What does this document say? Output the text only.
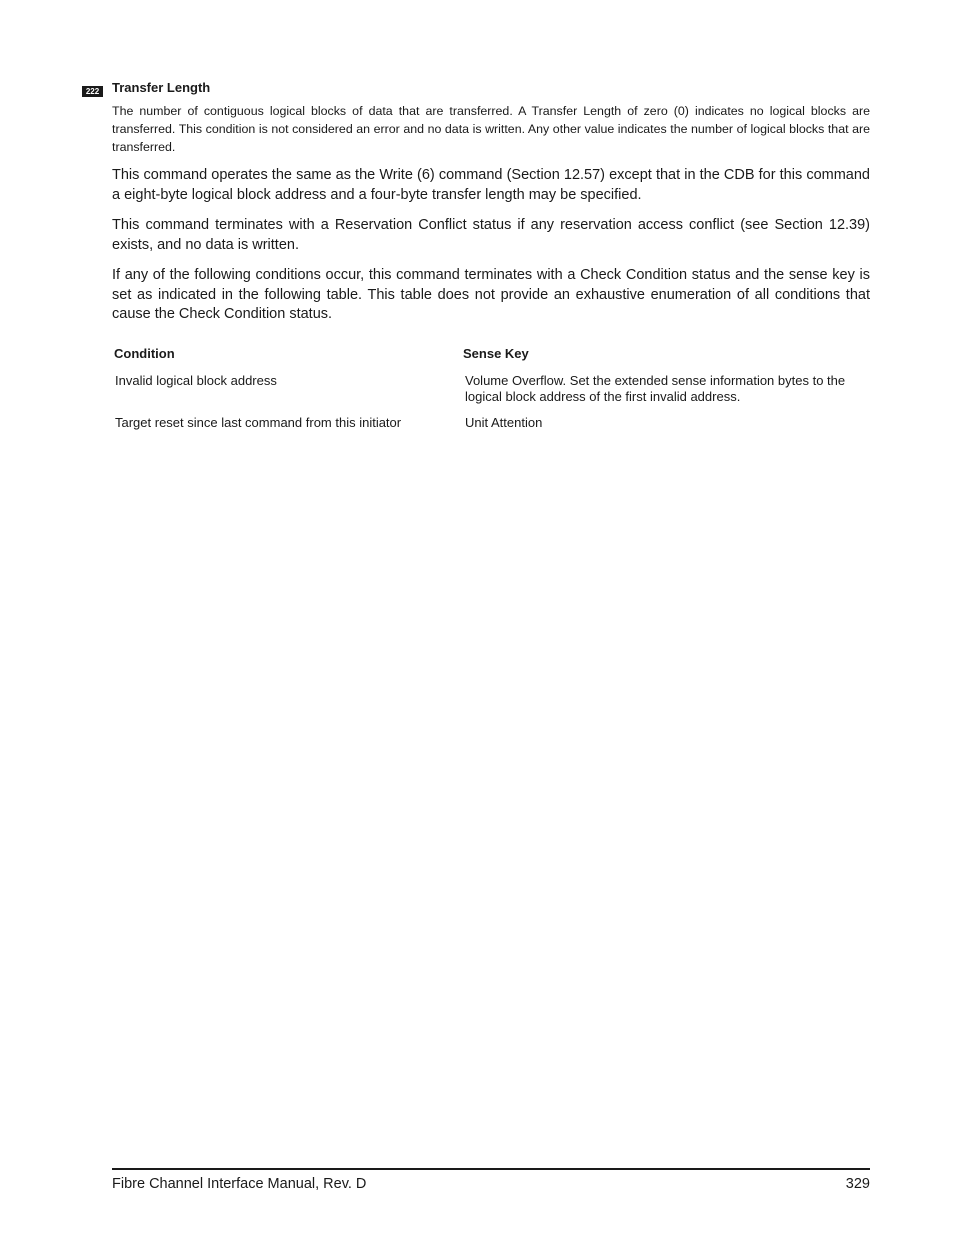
222 Transfer Length

The number of contiguous logical blocks of data that are transferred. A Transfer Length of zero (0) indicates no logical blocks are transferred. This condition is not considered an error and no data is written. Any other value indicates the number of logical blocks that are transferred.

This command operates the same as the Write (6) command (Section 12.57) except that in the CDB for this command a eight-byte logical block address and a four-byte transfer length may be specified.

This command terminates with a Reservation Conflict status if any reservation access conflict (see Section 12.39) exists, and no data is written.

If any of the following conditions occur, this command terminates with a Check Condition status and the sense key is set as indicated in the following table. This table does not provide an exhaustive enumeration of all conditions that cause the Check Condition status.

Condition	Sense Key
Invalid logical block address	Volume Overflow. Set the extended sense information bytes to the logical block address of the first invalid address.
Target reset since last command from this initiator	Unit Attention
Fibre Channel Interface Manual, Rev. D	329
